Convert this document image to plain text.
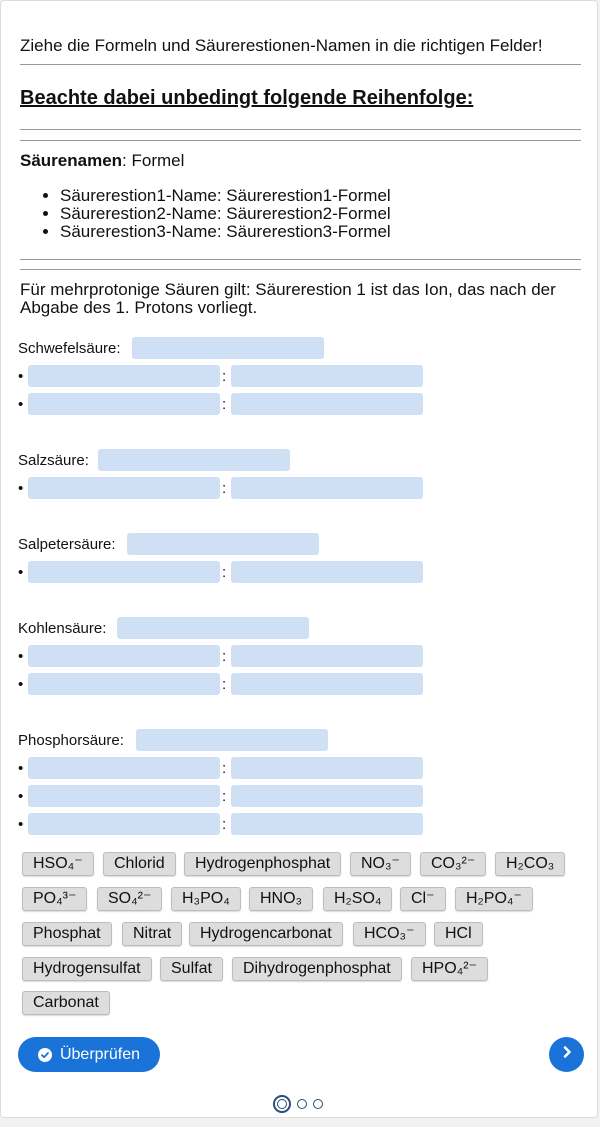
Ziehe die Formeln und Säurerestionen-Namen in die richtigen Felder!
Beachte dabei unbedingt folgende Reihenfolge:
Säurenamen: Formel
• Säurerestion1-Name: Säurerestion1-Formel
• Säurerestion2-Name: Säurerestion2-Formel
• Säurerestion3-Name: Säurerestion3-Formel
Für mehrprotonige Säuren gilt: Säurerestion 1 ist das Ion, das nach der Abgabe des 1. Protons vorliegt.
Schwefelsäure:
•	:
•	:
Salzsäure:
•	:
Salpetersäure:
•	:
Kohlensäure:
•	:
•	:
Phosphorsäure:
•	:
•	:
•	:
HSO₄⁻	Chlorid	Hydrogenphosphat	NO₃⁻	CO₃²⁻	H₂CO₃
PO₄³⁻	SO₄²⁻	H₃PO₄	HNO₃	H₂SO₄	Cl⁻	H₂PO₄⁻
Phosphat	Nitrat	Hydrogencarbonat	HCO₃⁻	HCl
Hydrogensulfat	Sulfat	Dihydrogenphosphat	HPO₄²⁻
Carbonat
Überprüfen
